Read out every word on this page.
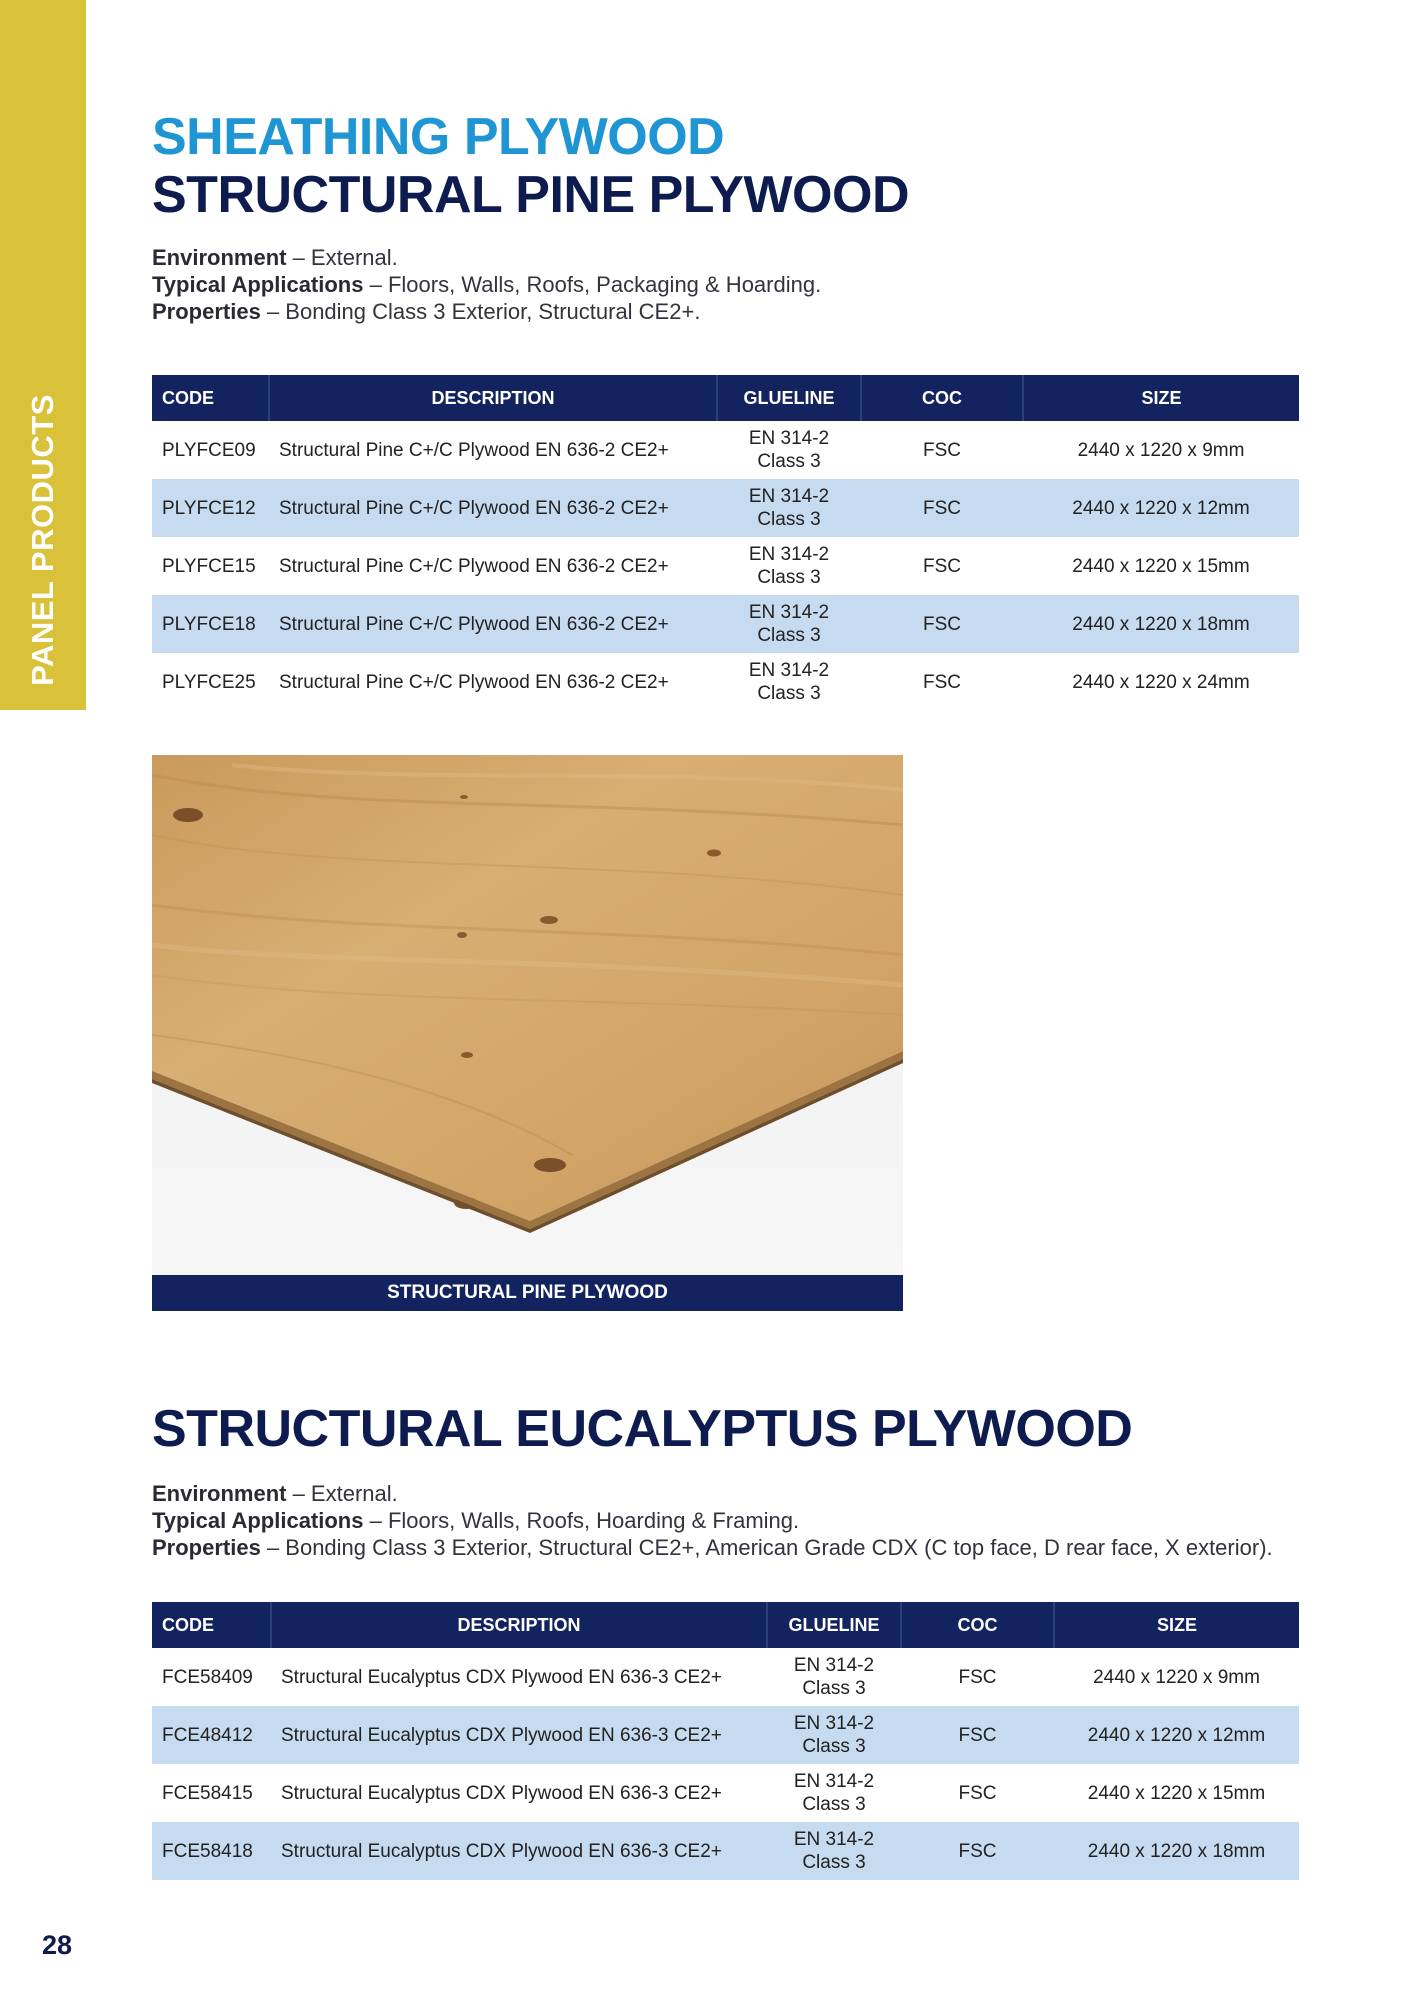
PANEL PRODUCTS
SHEATHING PLYWOOD
STRUCTURAL PINE PLYWOOD
Environment – External.
Typical Applications – Floors, Walls, Roofs, Packaging & Hoarding.
Properties – Bonding Class 3 Exterior, Structural CE2+.
CODE	DESCRIPTION	GLUELINE	COC	SIZE
PLYFCE09	Structural Pine C+/C Plywood EN 636-2 CE2+	EN 314-2
Class 3	FSC	2440 x 1220 x 9mm
PLYFCE12	Structural Pine C+/C Plywood EN 636-2 CE2+	EN 314-2
Class 3	FSC	2440 x 1220 x 12mm
PLYFCE15	Structural Pine C+/C Plywood EN 636-2 CE2+	EN 314-2
Class 3	FSC	2440 x 1220 x 15mm
PLYFCE18	Structural Pine C+/C Plywood EN 636-2 CE2+	EN 314-2
Class 3	FSC	2440 x 1220 x 18mm
PLYFCE25	Structural Pine C+/C Plywood EN 636-2 CE2+	EN 314-2
Class 3	FSC	2440 x 1220 x 24mm
STRUCTURAL PINE PLYWOOD
STRUCTURAL EUCALYPTUS PLYWOOD
Environment – External.
Typical Applications – Floors, Walls, Roofs, Hoarding & Framing.
Properties – Bonding Class 3 Exterior, Structural CE2+, American Grade CDX (C top face, D rear face, X exterior).
CODE	DESCRIPTION	GLUELINE	COC	SIZE
FCE58409	Structural Eucalyptus CDX Plywood EN 636-3 CE2+	EN 314-2
Class 3	FSC	2440 x 1220 x 9mm
FCE48412	Structural Eucalyptus CDX Plywood EN 636-3 CE2+	EN 314-2
Class 3	FSC	2440 x 1220 x 12mm
FCE58415	Structural Eucalyptus CDX Plywood EN 636-3 CE2+	EN 314-2
Class 3	FSC	2440 x 1220 x 15mm
FCE58418	Structural Eucalyptus CDX Plywood EN 636-3 CE2+	EN 314-2
Class 3	FSC	2440 x 1220 x 18mm
28
